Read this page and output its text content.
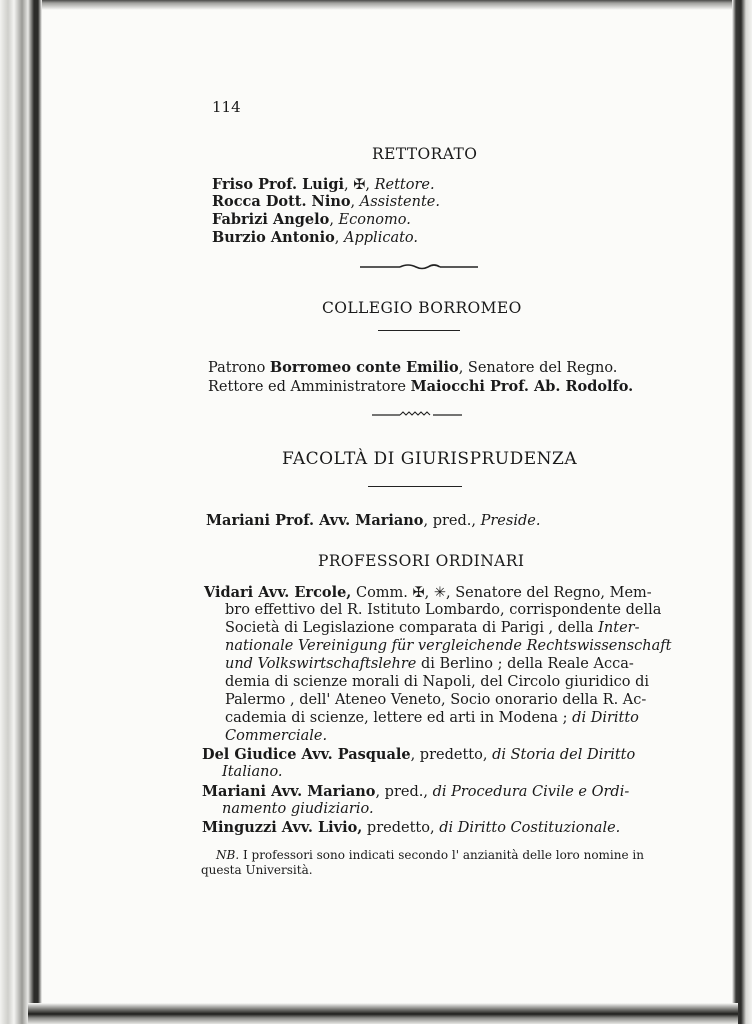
114
RETTORATO
Friso Prof. Luigi, ✠, Rettore.
Rocca Dott. Nino, Assistente.
Fabrizi Angelo, Economo.
Burzio Antonio, Applicato.
COLLEGIO BORROMEO
Patrono Borromeo conte Emilio, Senatore del Regno.
Rettore ed Amministratore Maiocchi Prof. Ab. Rodolfo.
FACOLTÀ DI GIURISPRUDENZA
Mariani Prof. Avv. Mariano, pred., Preside.
PROFESSORI ORDINARI
Vidari Avv. Ercole, Comm. ✠, ✳, Senatore del Regno, Mem-
bro effettivo del R. Istituto Lombardo, corrispondente della
Società di Legislazione comparata di Parigi , della Inter-
nationale Vereinigung für vergleichende Rechtswissenschaft
und Volkswirtschaftslehre di Berlino ; della Reale Acca-
demia di scienze morali di Napoli, del Circolo giuridico di
Palermo , dell' Ateneo Veneto, Socio onorario della R. Ac-
cademia di scienze, lettere ed arti in Modena ; di Diritto
Commerciale.
Del Giudice Avv. Pasquale, predetto, di Storia del Diritto
Italiano.
Mariani Avv. Mariano, pred., di Procedura Civile e Ordi-
namento giudiziario.
Minguzzi Avv. Livio, predetto, di Diritto Costituzionale.
NB. I professori sono indicati secondo l' anzianità delle loro nomine in
questa Università.
